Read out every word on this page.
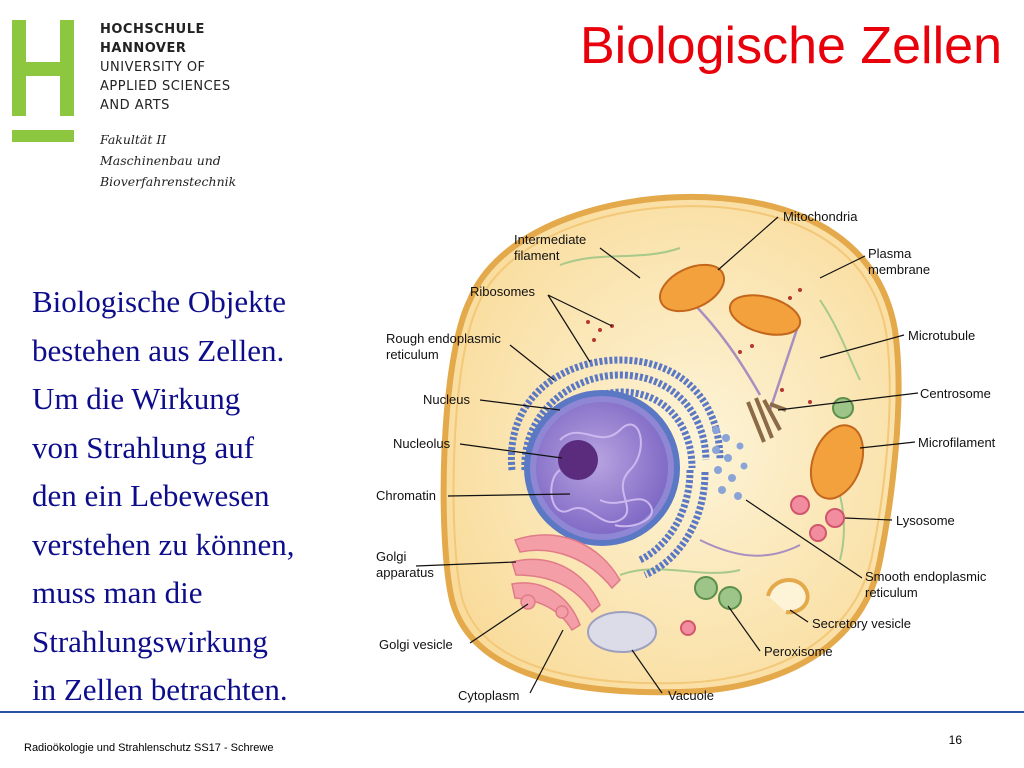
HOCHSCHULE
HANNOVER
UNIVERSITY OF
APPLIED SCIENCES
AND ARTS
Fakultät II
Maschinenbau und
Bioverfahrenstechnik
Biologische Zellen
Biologische Objekte
bestehen aus Zellen.
Um die Wirkung
von Strahlung auf
den ein Lebewesen
verstehen zu können,
muss man die
Strahlungswirkung
in Zellen betrachten.
Mitochondria
Intermediate
filament	Plasma
membrane
Ribosomes
Rough endoplasmic
reticulum
Microtubule
Nucleus	Centrosome
Nucleolus	Microfilament
Chromatin
Lysosome
Golgi
apparatus	Smooth endoplasmic
reticulum
Secretory vesicle
Golgi vesicle	Peroxisome
Cytoplasm	Vacuole
Radioökologie und Strahlenschutz SS17 - Schrewe
16
